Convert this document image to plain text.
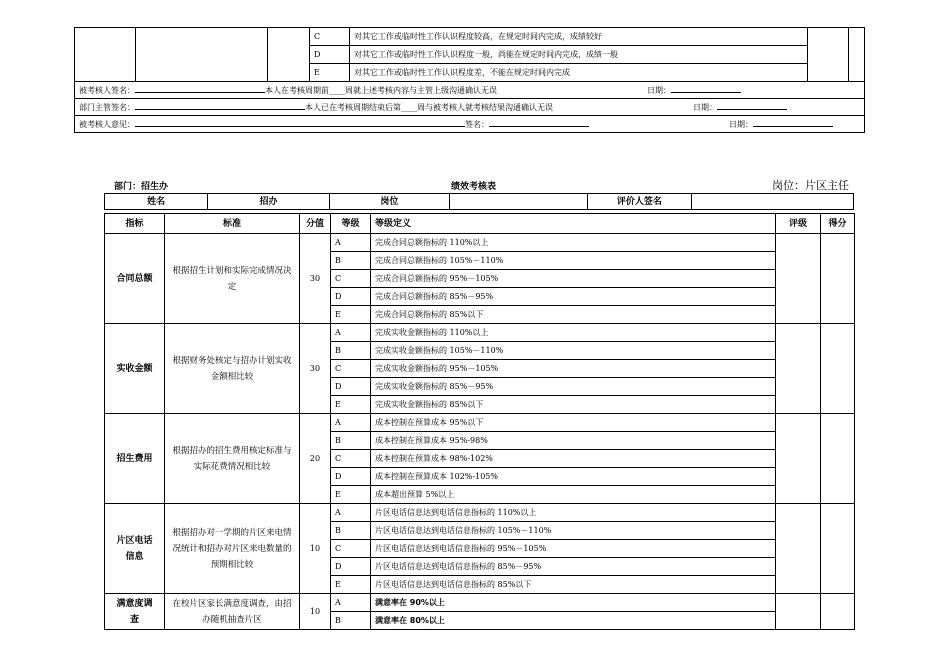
			C	对其它工作或临时性工作认识程度较高，在规定时间内完成，成绩较好		
			D	对其它工作或临时性工作认识程度一般，尚能在规定时间内完成，成绩一般		
			E	对其它工作或临时性工作认识程度差，不能在规定时间内完成		
被考核人签名： 本人在考核周期前____周就上述考核内容与主管上级沟通确认无误 日期：						
部门主管签名： 本人已在考核周期结束后第____周与被考核人就考核结果沟通确认无误 日期：						
被考核人意见： 签名： 日期：						
部门：招生办	绩效考核表	岗位：片区主任
姓名	招办	岗位		评价人签名	
指标	标准	分值	等级	等级定义	评级	得分
合同总额	根据招生计划和实际完成情况决定	30	A	完成合同总额指标的 110%以上		
			B	完成合同总额指标的 105%－110%		
			C	完成合同总额指标的 95%－105%		
			D	完成合同总额指标的 85%－95%		
			E	完成合同总额指标的 85%以下		
实收金额	根据财务处核定与招办计划实收金额相比较	30	A	完成实收金额指标的 110%以上		
			B	完成实收金额指标的 105%－110%		
			C	完成实收金额指标的 95%－105%		
			D	完成实收金额指标的 85%－95%		
			E	完成实收金额指标的 85%以下		
招生费用	根据招办的招生费用核定标准与实际花费情况相比较	20	A	成本控制在预算成本 95%以下		
			B	成本控制在预算成本 95%-98%		
			C	成本控制在预算成本 98%-102%		
			D	成本控制在预算成本 102%-105%		
			E	成本超出预算 5%以上		
片区电话信息	根据招办对一学期的片区来电情况统计和招办对片区来电数量的预期相比较	10	A	片区电话信息达到电话信息指标的 110%以上		
			B	片区电话信息达到电话信息指标的 105%－110%		
			C	片区电话信息达到电话信息指标的 95%－105%		
			D	片区电话信息达到电话信息指标的 85%－95%		
			E	片区电话信息达到电话信息指标的 85%以下		
满意度调查	在校片区家长满意度调查，由招办随机抽查片区	10	A	满意率在 90%以上		
			B	满意率在 80%以上		
